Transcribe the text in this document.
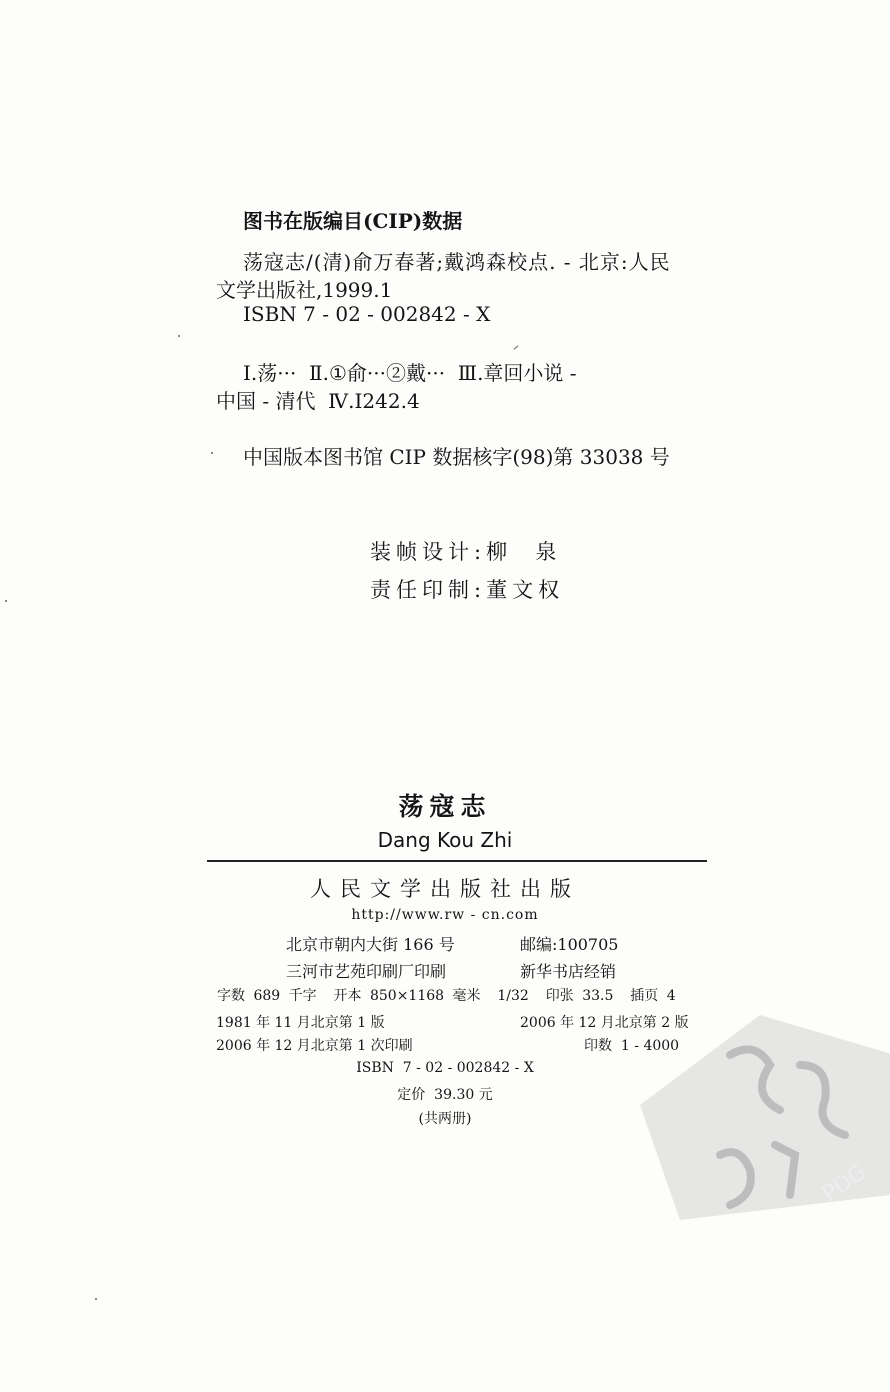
图书在版编目(CIP)数据
荡寇志/(清)俞万春著;戴鸿森校点. - 北京:人民
文学出版社,1999.1
ISBN 7 - 02 - 002842 - X
Ⅰ.荡···  Ⅱ.①俞···②戴···  Ⅲ.章回小说 -
中国 - 清代  Ⅳ.I242.4
中国版本图书馆 CIP 数据核字(98)第 33038 号
装帧设计:柳  泉
责任印制:董文权
荡寇志
Dang Kou Zhi
人民文学出版社出版
http://www.rw - cn.com
北京市朝内大街 166 号	邮编:100705
三河市艺苑印刷厂印刷	新华书店经销
字数 689 千字  开本 850×1168 毫米  1/32  印张 33.5  插页 4
1981 年 11 月北京第 1 版	2006 年 12 月北京第 2 版
2006 年 12 月北京第 1 次印刷	印数  1 - 4000
ISBN  7 - 02 - 002842 - X
定价  39.30 元
(共两册)
PDG
